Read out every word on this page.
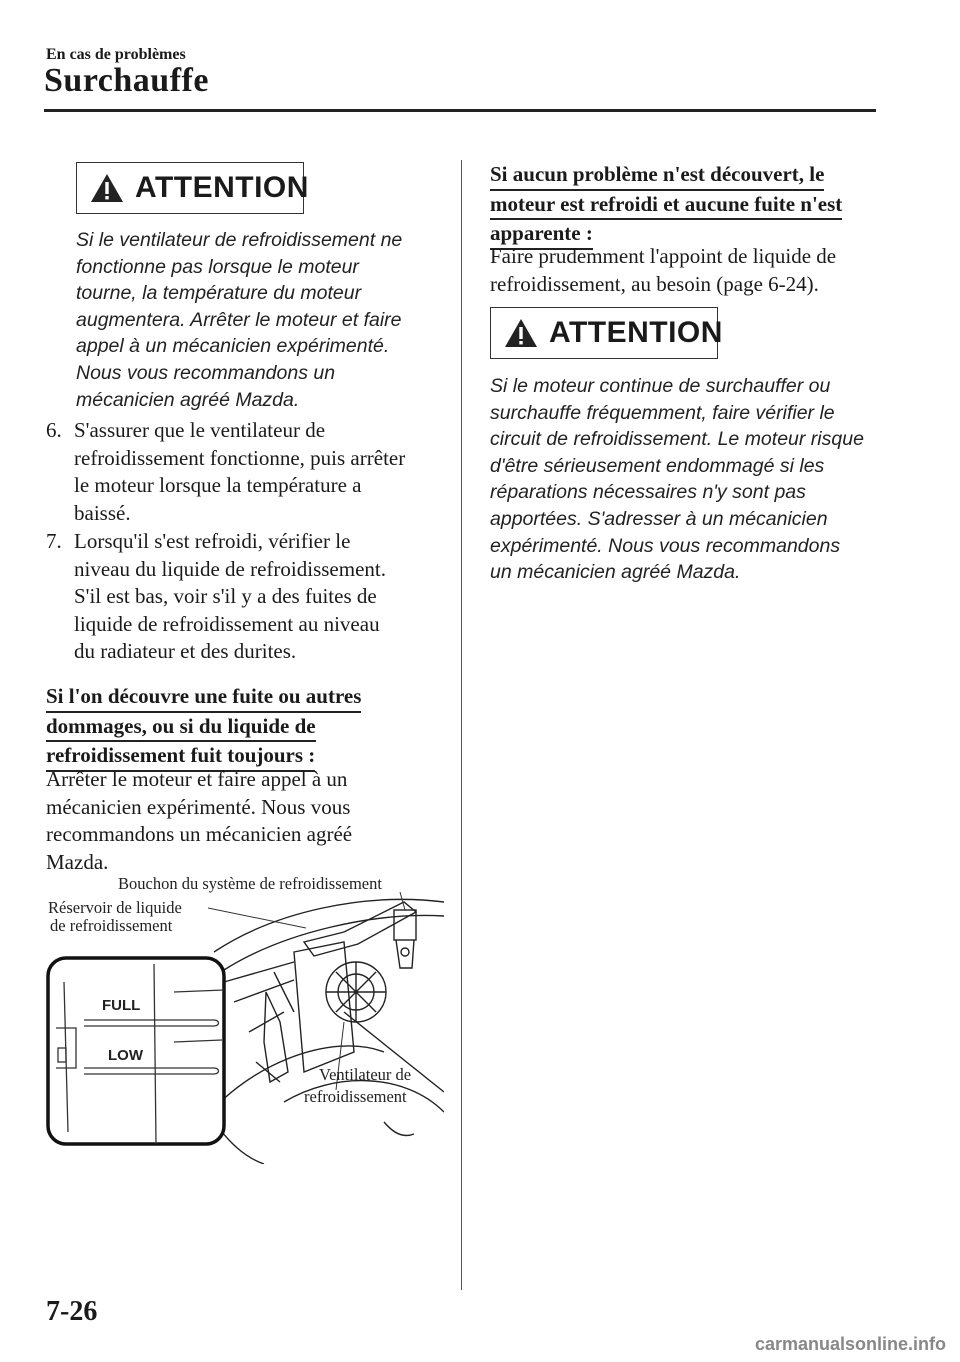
En cas de problèmes
Surchauffe
ATTENTION
Si le ventilateur de refroidissement ne
fonctionne pas lorsque le moteur
tourne, la température du moteur
augmentera. Arrêter le moteur et faire
appel à un mécanicien expérimenté.
Nous vous recommandons un
mécanicien agréé Mazda.
6. S'assurer que le ventilateur de
refroidissement fonctionne, puis arrêter
le moteur lorsque la température a
baissé.
7. Lorsqu'il s'est refroidi, vérifier le
niveau du liquide de refroidissement.
S'il est bas, voir s'il y a des fuites de
liquide de refroidissement au niveau
du radiateur et des durites.
Si l'on découvre une fuite ou autres
dommages, ou si du liquide de
refroidissement fuit toujours :
Arrêter le moteur et faire appel à un
mécanicien expérimenté. Nous vous
recommandons un mécanicien agréé
Mazda.
FULL
LOW
Bouchon du système de refroidissement
Réservoir de liquide
de refroidissement
Ventilateur de
refroidissement
Si aucun problème n'est découvert, le
moteur est refroidi et aucune fuite n'est
apparente :
Faire prudemment l'appoint de liquide de
refroidissement, au besoin (page 6-24).
ATTENTION
Si le moteur continue de surchauffer ou
surchauffe fréquemment, faire vérifier le
circuit de refroidissement. Le moteur risque
d'être sérieusement endommagé si les
réparations nécessaires n'y sont pas
apportées. S'adresser à un mécanicien
expérimenté. Nous vous recommandons
un mécanicien agréé Mazda.
7-26
carmanualsonline.info
